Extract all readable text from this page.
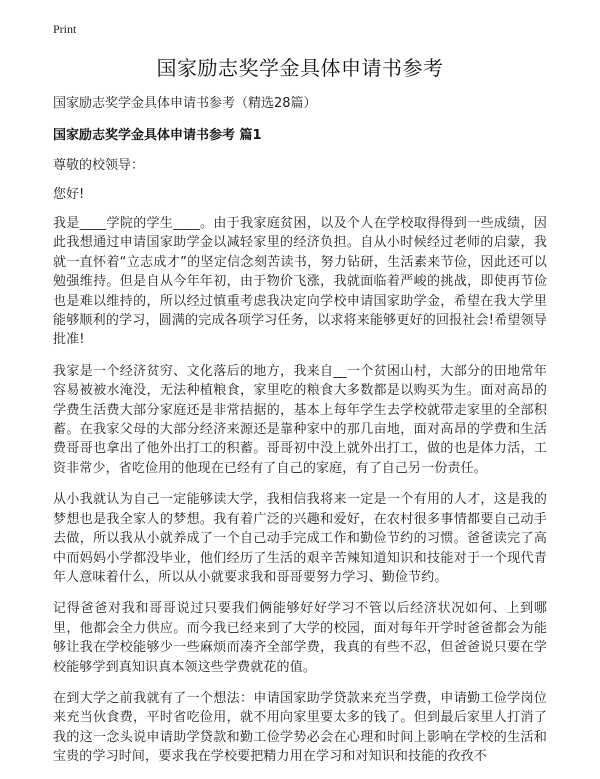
Print
国家励志奖学金具体申请书参考

国家励志奖学金具体申请书参考（精选28篇）

国家励志奖学金具体申请书参考 篇1

尊敬的校领导：

您好!

我是____学院的学生____。由于我家庭贫困，以及个人在学校取得得到一些成绩，因此我想通过申请国家助学金以减轻家里的经济负担。自从小时候经过老师的启蒙，我就一直怀着“立志成才”的坚定信念刻苦读书，努力钻研，生活素来节俭，因此还可以勉强维持。但是自从今年年初，由于物价飞涨，我就面临着严峻的挑战，即使再节俭也是难以维持的，所以经过慎重考虑我决定向学校申请国家助学金，希望在我大学里能够顺利的学习，圆满的完成各项学习任务，以求将来能够更好的回报社会!希望领导批准!

我家是一个经济贫穷、文化落后的地方，我来自__一个贫困山村，大部分的田地常年容易被被水淹没，无法种植粮食，家里吃的粮食大多数都是以购买为生。面对高昂的学费生活费大部分家庭还是非常拮据的，基本上每年学生去学校就带走家里的全部积蓄。在我家父母的大部分经济来源还是靠种家中的那几亩地，面对高昂的学费和生活费哥哥也拿出了他外出打工的积蓄。哥哥初中没上就外出打工，做的也是体力活，工资非常少，省吃俭用的他现在已经有了自己的家庭，有了自己另一份责任。

从小我就认为自己一定能够读大学，我相信我将来一定是一个有用的人才，这是我的梦想也是我全家人的梦想。我有着广泛的兴趣和爱好，在农村很多事情都要自己动手去做，所以我从小就养成了一个自己动手完成工作和勤俭节约的习惯。爸爸读完了高中而妈妈小学都没毕业，他们经历了生活的艰辛苦辣知道知识和技能对于一个现代青年人意味着什么，所以从小就要求我和哥哥要努力学习、勤俭节约。

记得爸爸对我和哥哥说过只要我们俩能够好好学习不管以后经济状况如何、上到哪里，他都会全力供应。而今我已经来到了大学的校园，面对每年开学时爸爸都会为能够让我在学校能够少一些麻烦而凑齐全部学费，我真的有些不忍，但爸爸说只要在学校能够学到真知识真本领这些学费就花的值。

在到大学之前我就有了一个想法：申请国家助学贷款来充当学费，申请勤工俭学岗位来充当伙食费，平时省吃俭用，就不用向家里要太多的钱了。但到最后家里人打消了我的这一念头说申请助学贷款和勤工俭学势必会在心理和时间上影响在学校的生活和宝贵的学习时间，要求我在学校要把精力用在学习和对知识和技能的孜孜不
